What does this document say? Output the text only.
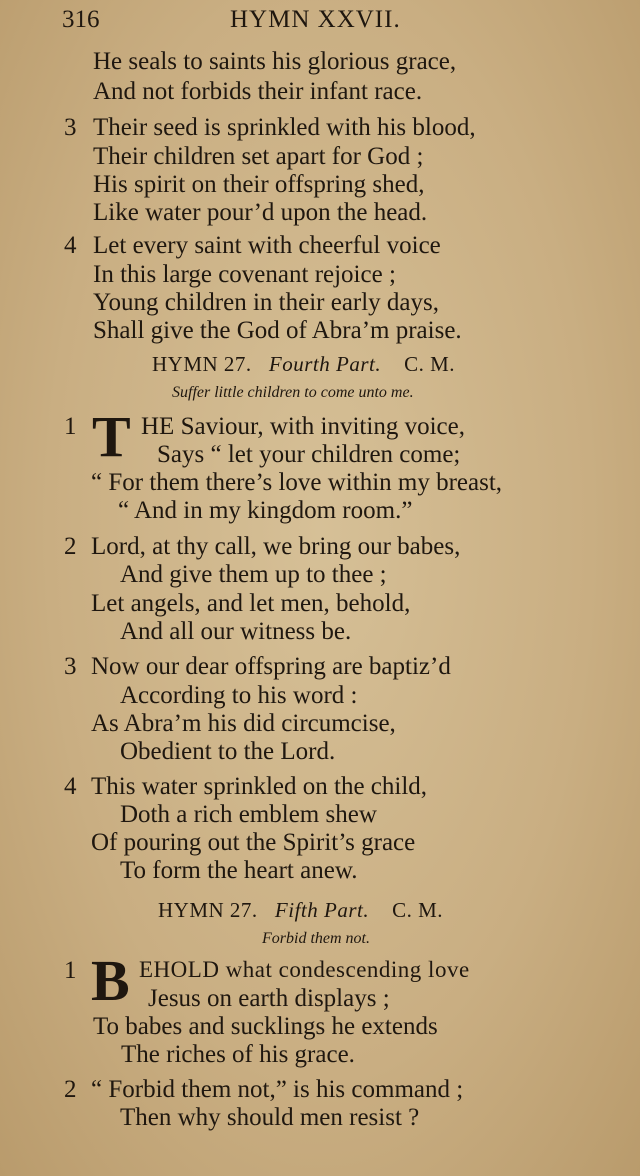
316	HYMN XXVII.
He seals to saints his glorious grace,
And not forbids their infant race.
3 Their seed is sprinkled with his blood,
Their children set apart for God ;
His spirit on their offspring shed,
Like water pour’d upon the head.
4 Let every saint with cheerful voice
In this large covenant rejoice ;
Young children in their early days,
Shall give the God of Abra’m praise.
HYMN 27. Fourth Part. C. M.
Suffer little children to come unto me.
1 T HE Saviour, with inviting voice,
Says “ let your children come;
“ For them there’s love within my breast,
“ And in my kingdom room.”
2 Lord, at thy call, we bring our babes,
And give them up to thee ;
Let angels, and let men, behold,
And all our witness be.
3 Now our dear offspring are baptiz’d
According to his word :
As Abra’m his did circumcise,
Obedient to the Lord.
4 This water sprinkled on the child,
Doth a rich emblem shew
Of pouring out the Spirit’s grace
To form the heart anew.
HYMN 27. Fifth Part. C. M.
Forbid them not.
1 B EHOLD what condescending love
Jesus on earth displays ;
To babes and sucklings he extends
The riches of his grace.
2 “ Forbid them not,” is his command ;
Then why should men resist ?
